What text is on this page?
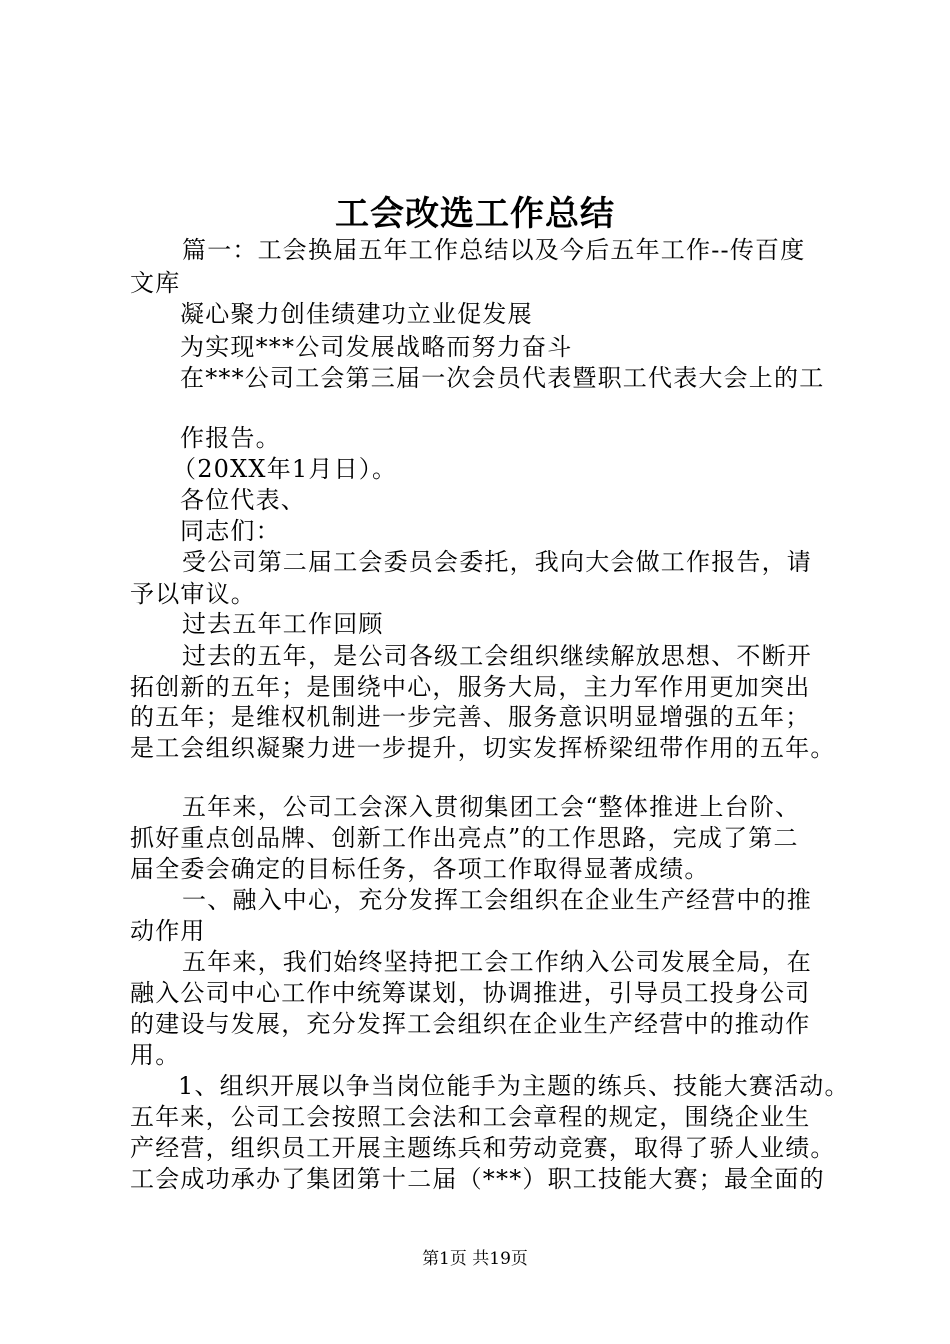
工会改选工作总结
篇一：工会换届五年工作总结以及今后五年工作--传百度
文库
凝心聚力创佳绩建功立业促发展
为实现***公司发展战略而努力奋斗
在***公司工会第三届一次会员代表暨职工代表大会上的工
作报告。
（20XX年1月日）。
各位代表、
同志们：
受公司第二届工会委员会委托，我向大会做工作报告，请
予以审议。
过去五年工作回顾
过去的五年，是公司各级工会组织继续解放思想、不断开
拓创新的五年；是围绕中心，服务大局，主力军作用更加突出
的五年；是维权机制进一步完善、服务意识明显增强的五年；
是工会组织凝聚力进一步提升，切实发挥桥梁纽带作用的五年。
五年来，公司工会深入贯彻集团工会“整体推进上台阶、
抓好重点创品牌、创新工作出亮点”的工作思路，完成了第二
届全委会确定的目标任务，各项工作取得显著成绩。
一、融入中心，充分发挥工会组织在企业生产经营中的推
动作用
五年来，我们始终坚持把工会工作纳入公司发展全局，在
融入公司中心工作中统筹谋划，协调推进，引导员工投身公司
的建设与发展，充分发挥工会组织在企业生产经营中的推动作
用。
1、组织开展以争当岗位能手为主题的练兵、技能大赛活动。
五年来，公司工会按照工会法和工会章程的规定，围绕企业生
产经营，组织员工开展主题练兵和劳动竞赛，取得了骄人业绩。
工会成功承办了集团第十二届（***）职工技能大赛；最全面的
第1页 共19页
